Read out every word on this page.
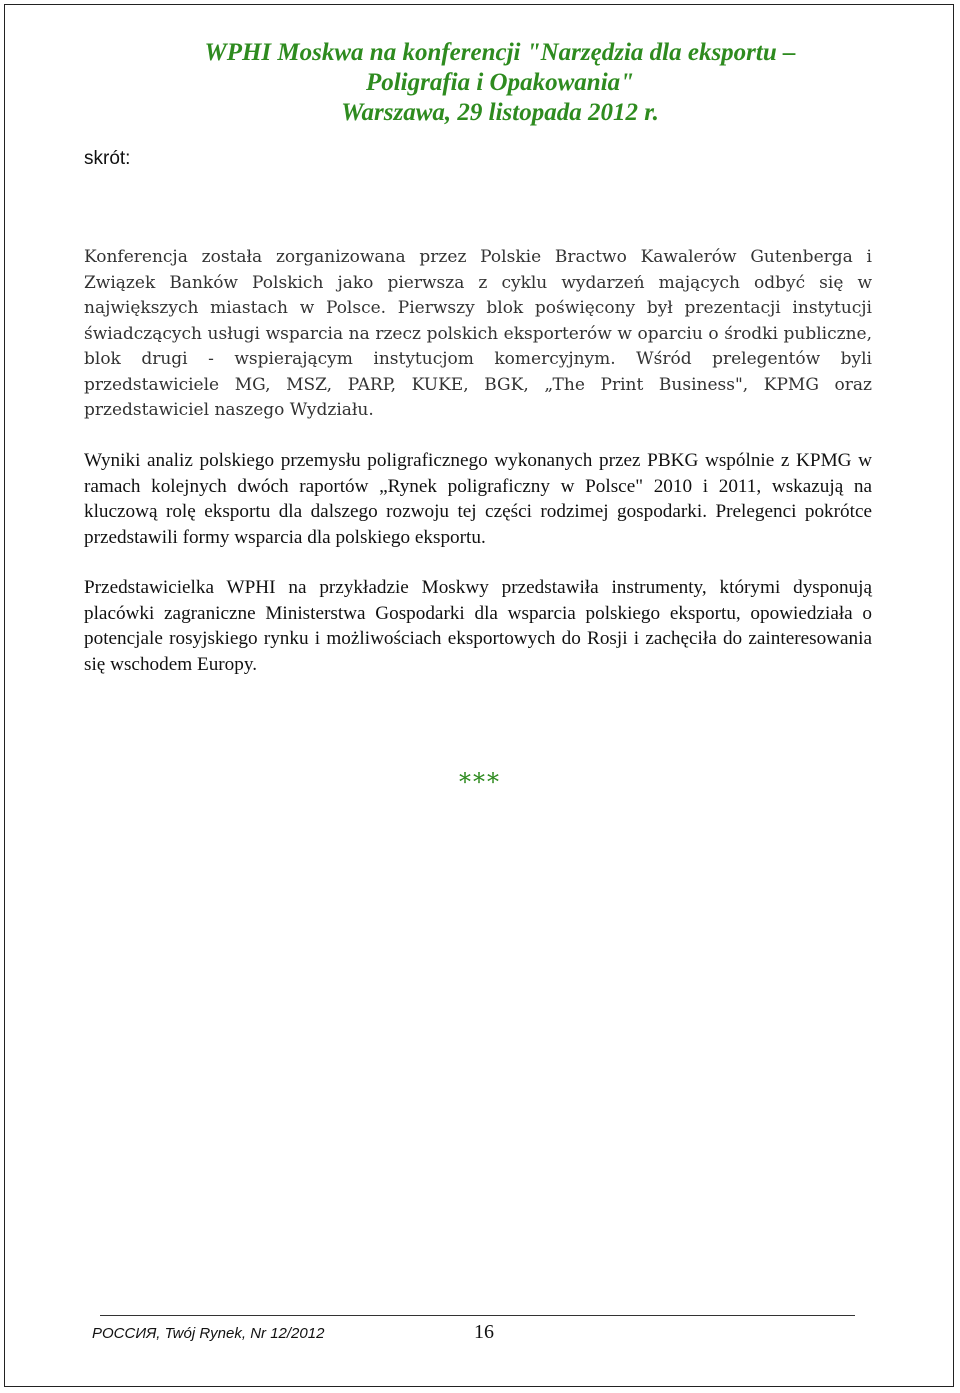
WPHI Moskwa na konferencji "Narzędzia dla eksportu –
Poligrafia i Opakowania"
Warszawa, 29 listopada 2012 r.
skrót:
Konferencja została zorganizowana przez Polskie Bractwo Kawalerów Gutenberga i Związek Banków Polskich jako pierwsza z cyklu wydarzeń mających odbyć się w największych miastach w Polsce. Pierwszy blok poświęcony był prezentacji instytucji świadczących usługi wsparcia na rzecz polskich eksporterów w oparciu o środki publiczne, blok drugi - wspierającym instytucjom komercyjnym. Wśród prelegentów byli przedstawiciele MG, MSZ, PARP, KUKE, BGK, „The Print Business", KPMG oraz przedstawiciel naszego Wydziału.
Wyniki analiz polskiego przemysłu poligraficznego wykonanych przez PBKG wspólnie z KPMG w ramach kolejnych dwóch raportów „Rynek poligraficzny w Polsce" 2010 i 2011, wskazują na kluczową rolę eksportu dla dalszego rozwoju tej części rodzimej gospodarki. Prelegenci pokrótce przedstawili formy wsparcia dla polskiego eksportu.
Przedstawicielka WPHI na przykładzie Moskwy przedstawiła instrumenty, którymi dysponują placówki zagraniczne Ministerstwa Gospodarki dla wsparcia polskiego eksportu, opowiedziała o potencjale rosyjskiego rynku i możliwościach eksportowych do Rosji i zachęciła do zainteresowania się wschodem Europy.
***
РОССИЯ, Twój Rynek, Nr 12/2012	16
